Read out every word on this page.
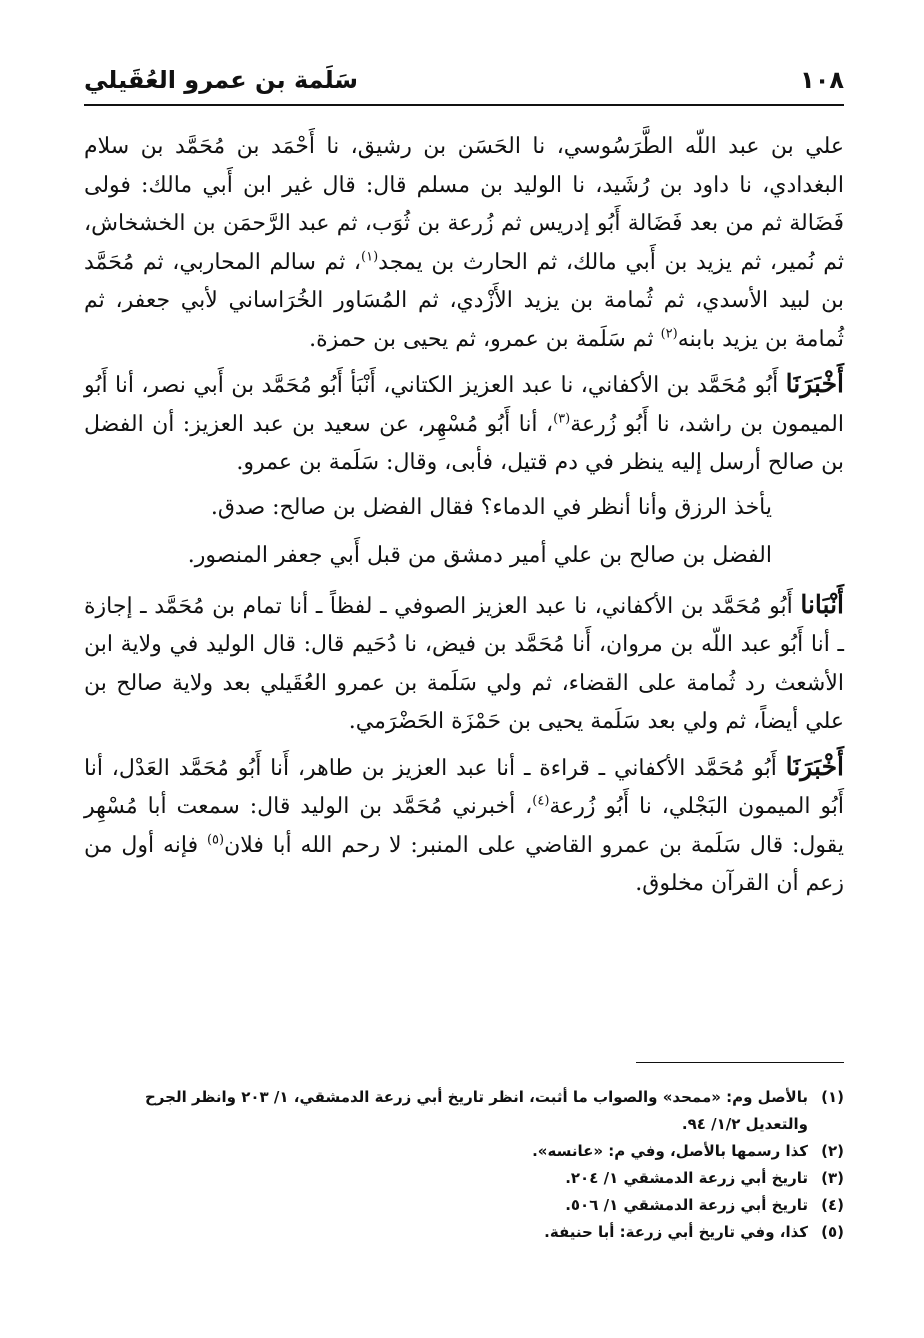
١٠٨
سَلَمة بن عمرو العُقَيلي

علي بن عبد اللّه الطَّرَسُوسي، نا الحَسَن بن رشيق، نا أَحْمَد بن مُحَمَّد بن سلام البغدادي، نا داود بن رُشَيد، نا الوليد بن مسلم قال: قال غير ابن أَبي مالك: فولى فَضَالة ثم من بعد فَضَالة أَبُو إدريس ثم زُرعة بن ثُوَب، ثم عبد الرَّحمَن بن الخشخاش، ثم نُمير، ثم يزيد بن أَبي مالك، ثم الحارث بن يمجد$^{(١)}$، ثم سالم المحاربي، ثم مُحَمَّد بن لبيد الأسدي، ثم ثُمامة بن يزيد الأَزْدي، ثم المُسَاور الخُرَاساني لأبي جعفر، ثم ثُمامة بن يزيد بابنه$^{(٢)}$ ثم سَلَمة بن عمرو، ثم يحيى بن حمزة.

أَخْبَرَنَا أَبُو مُحَمَّد بن الأكفاني، نا عبد العزيز الكتاني، أَنْبَأ أَبُو مُحَمَّد بن أَبي نصر، أنا أَبُو الميمون بن راشد، نا أَبُو زُرعة$^{(٣)}$، أنا أَبُو مُسْهِر، عن سعيد بن عبد العزيز: أن الفضل بن صالح أرسل إليه ينظر في دم قتيل، فأبى، وقال: سَلَمة بن عمرو.

يأخذ الرزق وأنا أنظر في الدماء؟ فقال الفضل بن صالح: صدق.

الفضل بن صالح بن علي أمير دمشق من قبل أَبي جعفر المنصور.

أَنْبَانا أَبُو مُحَمَّد بن الأكفاني، نا عبد العزيز الصوفي ـ لفظاً ـ أنا تمام بن مُحَمَّد ـ إجازة ـ أنا أَبُو عبد اللّه بن مروان، أَنا مُحَمَّد بن فيض، نا دُحَيم قال: قال الوليد في ولاية ابن الأشعث رد ثُمامة على القضاء، ثم ولي سَلَمة بن عمرو العُقَيلي بعد ولاية صالح بن علي أيضاً، ثم ولي بعد سَلَمة يحيى بن حَمْزَة الحَضْرَمي.

أَخْبَرَنَا أَبُو مُحَمَّد الأكفاني ـ قراءة ـ أنا عبد العزيز بن طاهر، أَنا أَبُو مُحَمَّد العَدْل، أنا أَبُو الميمون البَجْلي، نا أَبُو زُرعة$^{(٤)}$، أخبرني مُحَمَّد بن الوليد قال: سمعت أبا مُسْهِر يقول: قال سَلَمة بن عمرو القاضي على المنبر: لا رحم الله أبا فلان$^{(٥)}$ فإنه أول من زعم أن القرآن مخلوق.

(١)
بالأصل وم: «ممحد» والصواب ما أثبت، انظر تاريخ أبي زرعة الدمشقي، ١/ ٢٠٣ وانظر الجرح والتعديل ١/٢/ ٩٤.
(٢)
كذا رسمها بالأصل، وفي م: «عانسه».
(٣)
تاريخ أبي زرعة الدمشقي ١/ ٢٠٤.
(٤)
تاريخ أبي زرعة الدمشقي ١/ ٥٠٦.
(٥)
كذا، وفي تاريخ أبي زرعة: أبا حنيفة.
